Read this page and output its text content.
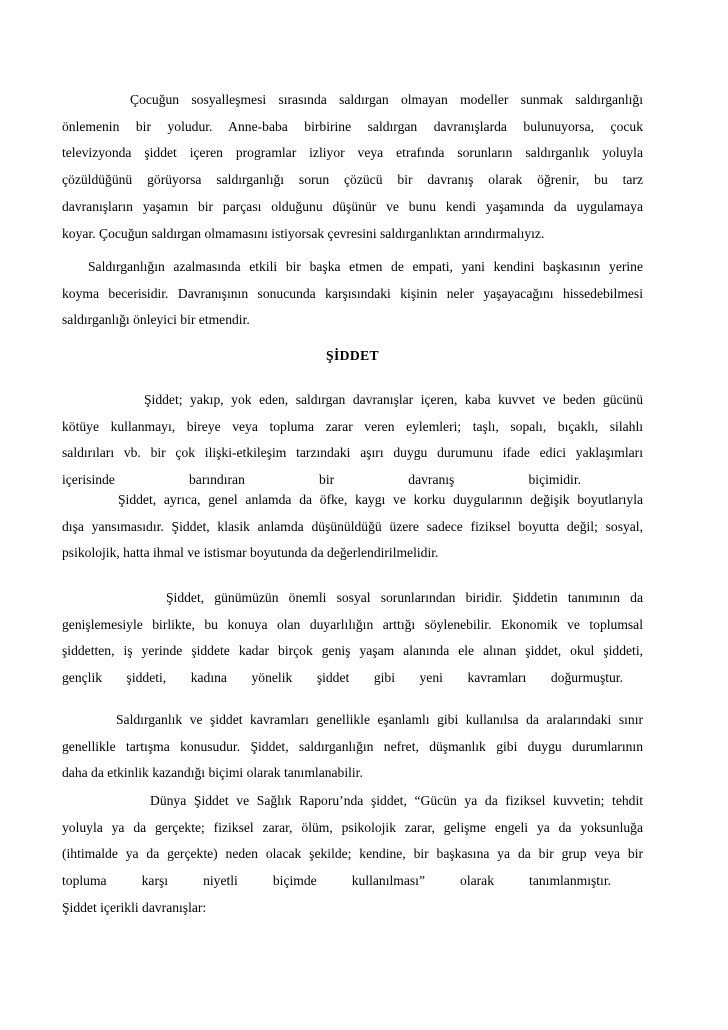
Çocuğun sosyalleşmesi sırasında saldırgan olmayan modeller sunmak saldırganlığı
önlemenin bir yoludur. Anne-baba birbirine saldırgan davranışlarda bulunuyorsa, çocuk
televizyonda şiddet içeren programlar izliyor veya etrafında sorunların saldırganlık yoluyla
çözüldüğünü görüyorsa saldırganlığı sorun çözücü bir davranış olarak öğrenir, bu tarz
davranışların yaşamın bir parçası olduğunu düşünür ve bunu kendi yaşamında da uygulamaya
koyar. Çocuğun saldırgan olmamasını istiyorsak çevresini saldırganlıktan arındırmalıyız.

Saldırganlığın azalmasında etkili bir başka etmen de empati, yani kendini başkasının yerine
koyma becerisidir. Davranışının sonucunda karşısındaki kişinin neler yaşayacağını hissedebilmesi
saldırganlığı önleyici bir etmendir.

ŞİDDET

Şiddet; yakıp, yok eden, saldırgan davranışlar içeren, kaba kuvvet ve beden gücünü
kötüye kullanmayı, bireye veya topluma zarar veren eylemleri; taşlı, sopalı, bıçaklı, silahlı
saldırıları vb. bir çok ilişki-etkileşim tarzındaki aşırı duygu durumunu ifade edici yaklaşımları
içerisinde barındıran bir davranış biçimidir.

Şiddet, ayrıca, genel anlamda da öfke, kaygı ve korku duygularının değişik boyutlarıyla
dışa yansımasıdır. Şiddet, klasik anlamda düşünüldüğü üzere sadece fiziksel boyutta değil; sosyal,
psikolojik, hatta ihmal ve istismar boyutunda da değerlendirilmelidir.

Şiddet, günümüzün önemli sosyal sorunlarından biridir. Şiddetin tanımının da
genişlemesiyle birlikte, bu konuya olan duyarlılığın arttığı söylenebilir. Ekonomik ve toplumsal
şiddetten, iş yerinde şiddete kadar birçok geniş yaşam alanında ele alınan şiddet, okul şiddeti,
gençlik şiddeti, kadına yönelik şiddet gibi yeni kavramları doğurmuştur.

Saldırganlık ve şiddet kavramları genellikle eşanlamlı gibi kullanılsa da aralarındaki sınır
genellikle tartışma konusudur. Şiddet, saldırganlığın nefret, düşmanlık gibi duygu durumlarının
daha da etkinlik kazandığı biçimi olarak tanımlanabilir.

Dünya Şiddet ve Sağlık Raporu’nda şiddet, “Gücün ya da fiziksel kuvvetin; tehdit
yoluyla ya da gerçekte; fiziksel zarar, ölüm, psikolojik zarar, gelişme engeli ya da yoksunluğa
(ihtimalde ya da gerçekte) neden olacak şekilde; kendine, bir başkasına ya da bir grup veya bir
topluma karşı niyetli biçimde kullanılması” olarak tanımlanmıştır.
Şiddet içerikli davranışlar:
